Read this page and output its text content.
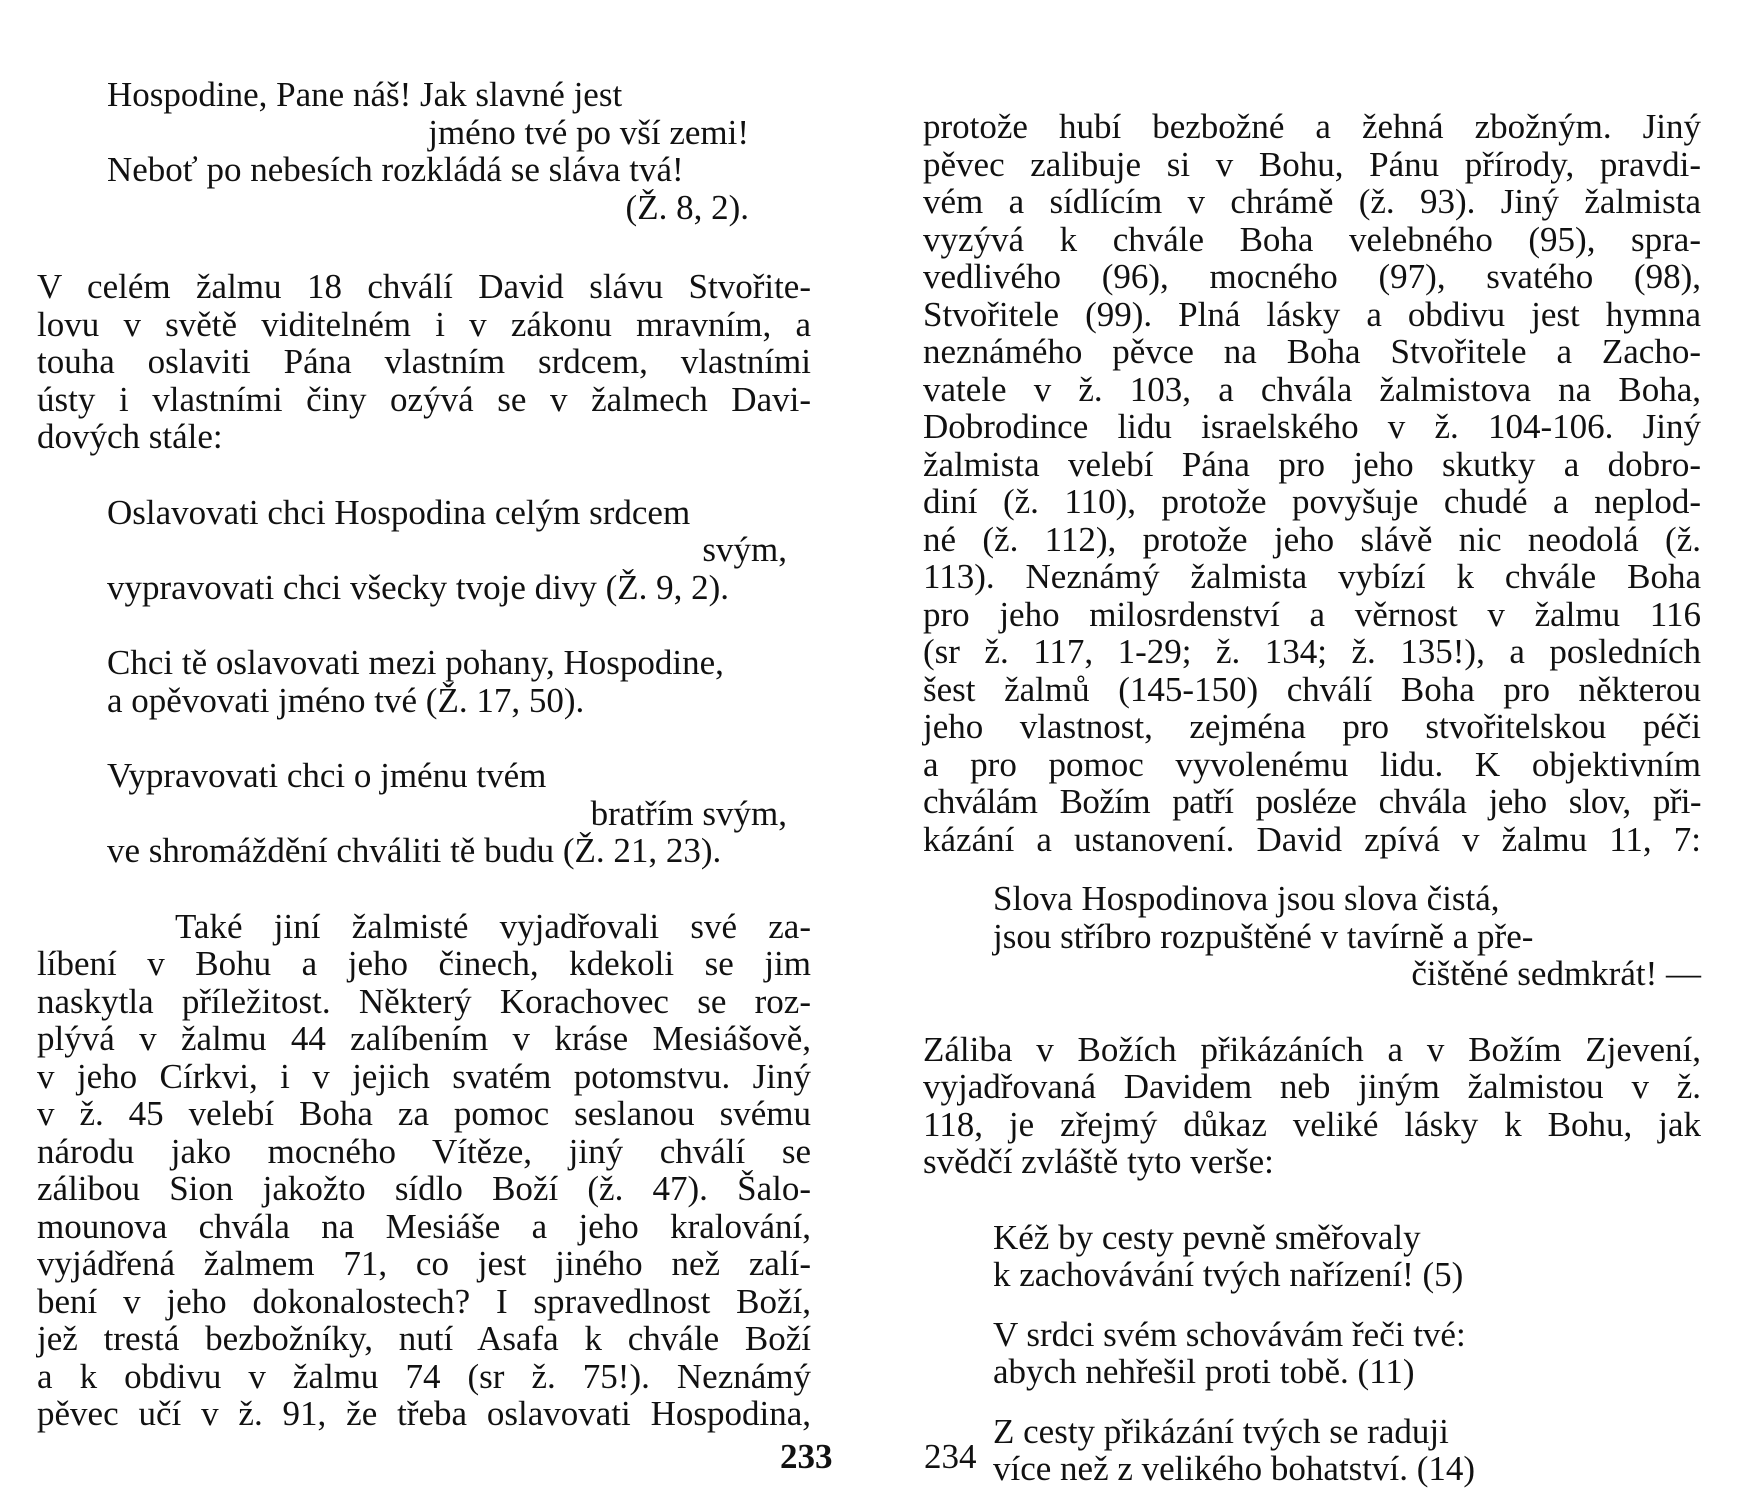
Hospodine, Pane náš! Jak slavné jest
jméno tvé po vší zemi!
Neboť po nebesích rozkládá se sláva tvá!
(Ž. 8, 2).
V celém žalmu 18 chválí David slávu Stvořite-
lovu v světě viditelném i v zákonu mravním, a
touha oslaviti Pána vlastním srdcem, vlastními
ústy i vlastními činy ozývá se v žalmech Davi-
dových stále:
Oslavovati chci Hospodina celým srdcem
svým,
vypravovati chci všecky tvoje divy (Ž. 9, 2).
Chci tě oslavovati mezi pohany, Hospodine,
a opěvovati jméno tvé (Ž. 17, 50).
Vypravovati chci o jménu tvém
bratřím svým,
ve shromáždění chváliti tě budu (Ž. 21, 23).
Také jiní žalmisté vyjadřovali své za-
líbení v Bohu a jeho činech, kdekoli se jim
naskytla příležitost. Některý Korachovec se roz-
plývá v žalmu 44 zalíbením v kráse Mesiášově,
v jeho Církvi, i v jejich svatém potomstvu. Jiný
v ž. 45 velebí Boha za pomoc seslanou svému
národu jako mocného Vítěze, jiný chválí se
zálibou Sion jakožto sídlo Boží (ž. 47). Šalo-
mounova chvála na Mesiáše a jeho kralování,
vyjádřená žalmem 71, co jest jiného než zalí-
bení v jeho dokonalostech? I spravedlnost Boží,
jež trestá bezbožníky, nutí Asafa k chvále Boží
a k obdivu v žalmu 74 (sr ž. 75!). Neznámý
pěvec učí v ž. 91, že třeba oslavovati Hospodina,
233
protože hubí bezbožné a žehná zbožným. Jiný
pěvec zalibuje si v Bohu, Pánu přírody, pravdi-
vém a sídlícím v chrámě (ž. 93). Jiný žalmista
vyzývá k chvále Boha velebného (95), spra-
vedlivého (96), mocného (97), svatého (98),
Stvořitele (99). Plná lásky a obdivu jest hymna
neznámého pěvce na Boha Stvořitele a Zacho-
vatele v ž. 103, a chvála žalmistova na Boha,
Dobrodince lidu israelského v ž. 104-106. Jiný
žalmista velebí Pána pro jeho skutky a dobro-
diní (ž. 110), protože povyšuje chudé a neplod-
né (ž. 112), protože jeho slávě nic neodolá (ž.
113). Neznámý žalmista vybízí k chvále Boha
pro jeho milosrdenství a věrnost v žalmu 116
(sr ž. 117, 1-29; ž. 134; ž. 135!), a posledních
šest žalmů (145-150) chválí Boha pro některou
jeho vlastnost, zejména pro stvořitelskou péči
a pro pomoc vyvolenému lidu. K objektivním
chválám Božím patří posléze chvála jeho slov, při-
kázání a ustanovení. David zpívá v žalmu 11, 7:
Slova Hospodinova jsou slova čistá,
jsou stříbro rozpuštěné v tavírně a pře-
čištěné sedmkrát! —
Záliba v Božích přikázáních a v Božím Zjevení,
vyjadřovaná Davidem neb jiným žalmistou v ž.
118, je zřejmý důkaz veliké lásky k Bohu, jak
svědčí zvláště tyto verše:
Kéž by cesty pevně směřovaly
k zachovávání tvých nařízení! (5)
V srdci svém schovávám řeči tvé:
abych nehřešil proti tobě. (11)
Z cesty přikázání tvých se raduji
více než z velikého bohatství. (14)
234
